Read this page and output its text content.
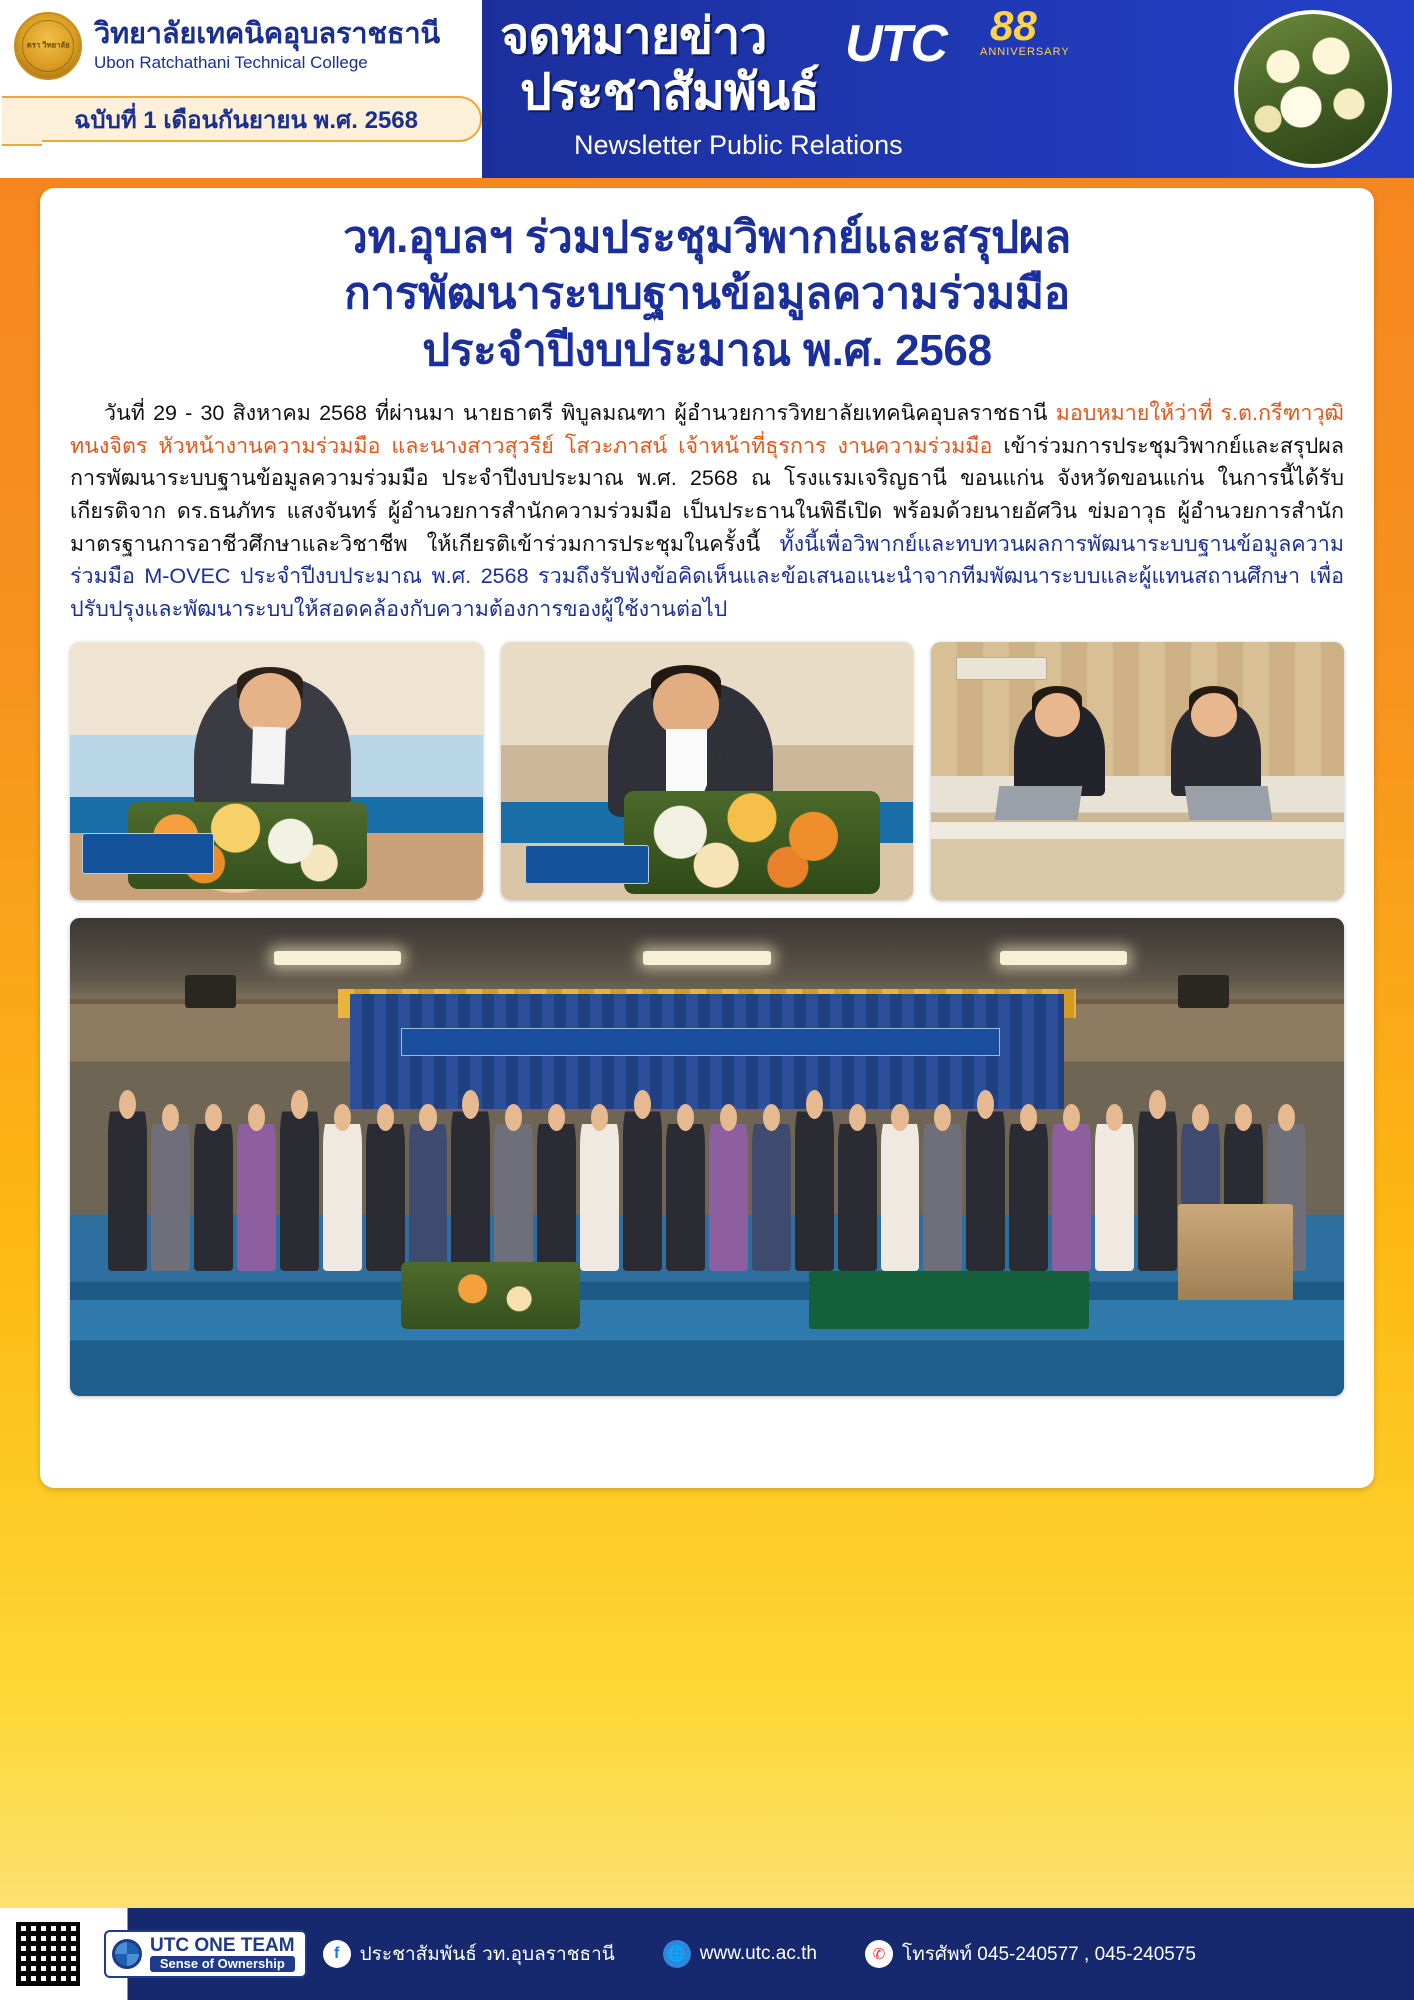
ตรา วิทยาลัย วิทยาลัยเทคนิคอุบลราชธานี
Ubon Ratchathani Technical College
ฉบับที่ 1 เดือนกันยายน พ.ศ. 2568
จดหมายข่าว
ประชาสัมพันธ์
Newsletter Public Relations
UTC 88
ANNIVERSARY
วท.อุบลฯ ร่วมประชุมวิพากย์และสรุปผล
การพัฒนาระบบฐานข้อมูลความร่วมมือ
ประจำปีงบประมาณ พ.ศ. 2568
วันที่ 29 - 30 สิงหาคม 2568 ที่ผ่านมา นายธาตรี พิบูลมณฑา ผู้อำนวยการวิทยาลัยเทคนิคอุบลราชธานี มอบหมายให้ว่าที่ ร.ต.กรีฑาวุฒิ ทนงจิตร หัวหน้างานความร่วมมือ และนางสาวสุวรีย์ โสวะภาสน์ เจ้าหน้าที่ธุรการ งานความร่วมมือ เข้าร่วมการประชุมวิพากย์และสรุปผลการพัฒนาระบบฐานข้อมูลความร่วมมือ ประจำปีงบประมาณ พ.ศ. 2568 ณ โรงแรมเจริญธานี ขอนแก่น จังหวัดขอนแก่น ในการนี้ได้รับเกียรติจาก ดร.ธนภัทร แสงจันทร์ ผู้อำนวยการสำนักความร่วมมือ เป็นประธานในพิธีเปิด พร้อมด้วยนายอัศวิน ข่มอาวุธ ผู้อำนวยการสำนักมาตรฐานการอาชีวศึกษาและวิชาชีพ ให้เกียรติเข้าร่วมการประชุมในครั้งนี้ ทั้งนี้เพื่อวิพากย์และทบทวนผลการพัฒนาระบบฐานข้อมูลความร่วมมือ M-OVEC ประจำปีงบประมาณ พ.ศ. 2568 รวมถึงรับฟังข้อคิดเห็นและข้อเสนอแนะนำจากทีมพัฒนาระบบและผู้แทนสถานศึกษา เพื่อปรับปรุงและพัฒนาระบบให้สอดคล้องกับความต้องการของผู้ใช้งานต่อไป
UTC ONE TEAM
Sense of Ownership
f	ประชาสัมพันธ์ วท.อุบลราชธานี	🌐 www.utc.ac.th	✆ โทรศัพท์ 045-240577 , 045-240575
